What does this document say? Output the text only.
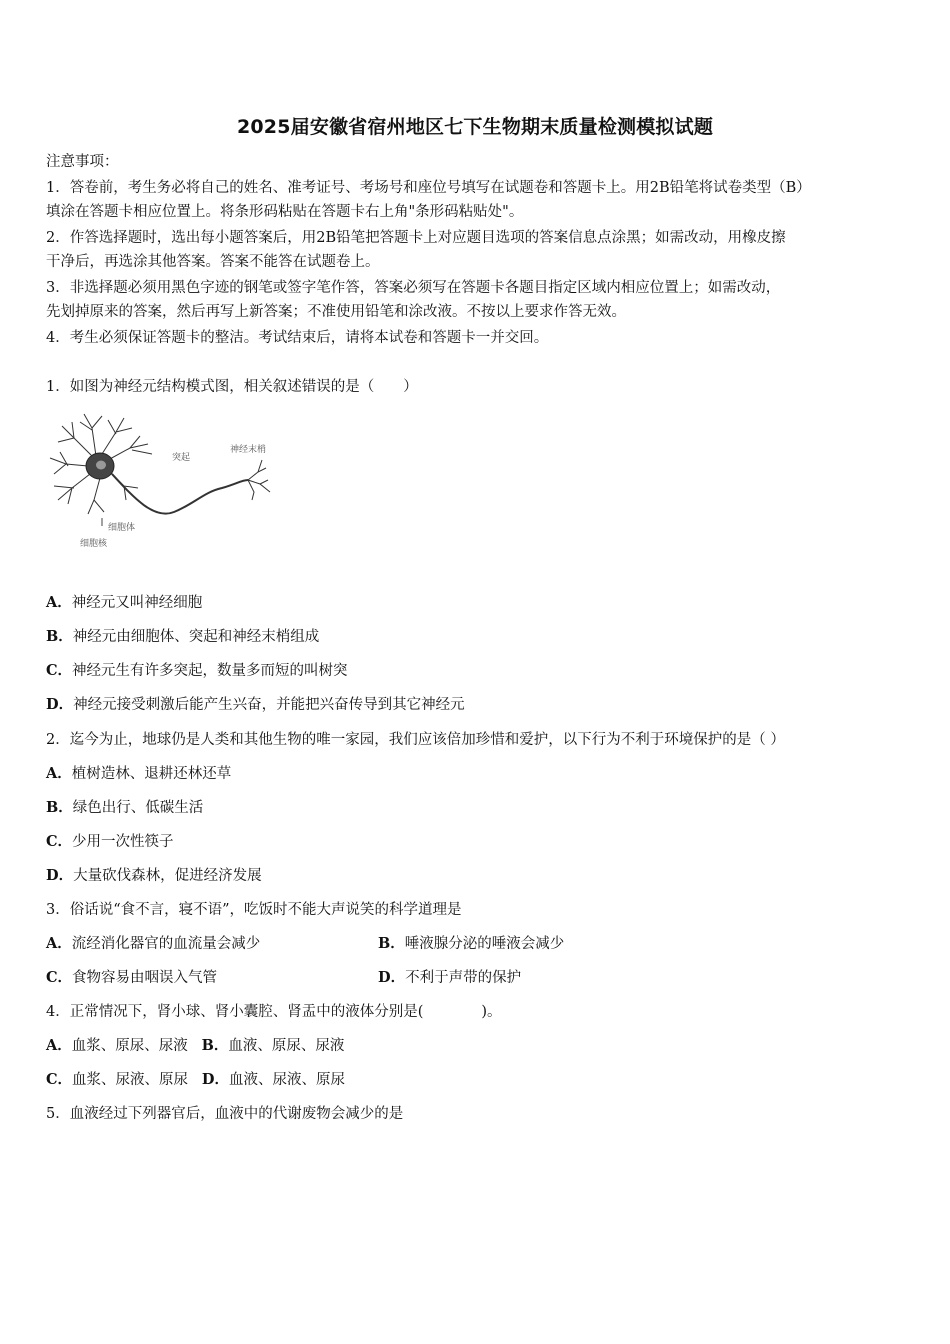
2025届安徽省宿州地区七下生物期末质量检测模拟试题
注意事项：
1．答卷前，考生务必将自己的姓名、准考证号、考场号和座位号填写在试题卷和答题卡上。用2B铅笔将试卷类型（B）
填涂在答题卡相应位置上。将条形码粘贴在答题卡右上角"条形码粘贴处"。
2．作答选择题时，选出每小题答案后，用2B铅笔把答题卡上对应题目选项的答案信息点涂黑；如需改动，用橡皮擦
干净后，再选涂其他答案。答案不能答在试题卷上。
3．非选择题必须用黑色字迹的钢笔或签字笔作答，答案必须写在答题卡各题目指定区域内相应位置上；如需改动，
先划掉原来的答案，然后再写上新答案；不准使用铅笔和涂改液。不按以上要求作答无效。
4．考生必须保证答题卡的整洁。考试结束后，请将本试卷和答题卡一并交回。
1．如图为神经元结构模式图，相关叙述错误的是（　　）
突起
神经末梢
细胞体
细胞核
A．神经元又叫神经细胞
B．神经元由细胞体、突起和神经末梢组成
C．神经元生有许多突起，数量多而短的叫树突
D．神经元接受刺激后能产生兴奋，并能把兴奋传导到其它神经元
2．迄今为止，地球仍是人类和其他生物的唯一家园，我们应该倍加珍惜和爱护，以下行为不利于环境保护的是（ ）
A．植树造林、退耕还林还草
B．绿色出行、低碳生活
C．少用一次性筷子
D．大量砍伐森林，促进经济发展
3．俗话说“食不言，寝不语”，吃饭时不能大声说笑的科学道理是
A．流经消化器官的血流量会减少	B．唾液腺分泌的唾液会减少
C．食物容易由咽误入气管	D．不利于声带的保护
4．正常情况下，肾小球、肾小囊腔、肾盂中的液体分别是(　　　　)。
A．血浆、原尿、尿液 B．血液、原尿、尿液
C．血浆、尿液、原尿 D．血液、尿液、原尿
5．血液经过下列器官后，血液中的代谢废物会减少的是
